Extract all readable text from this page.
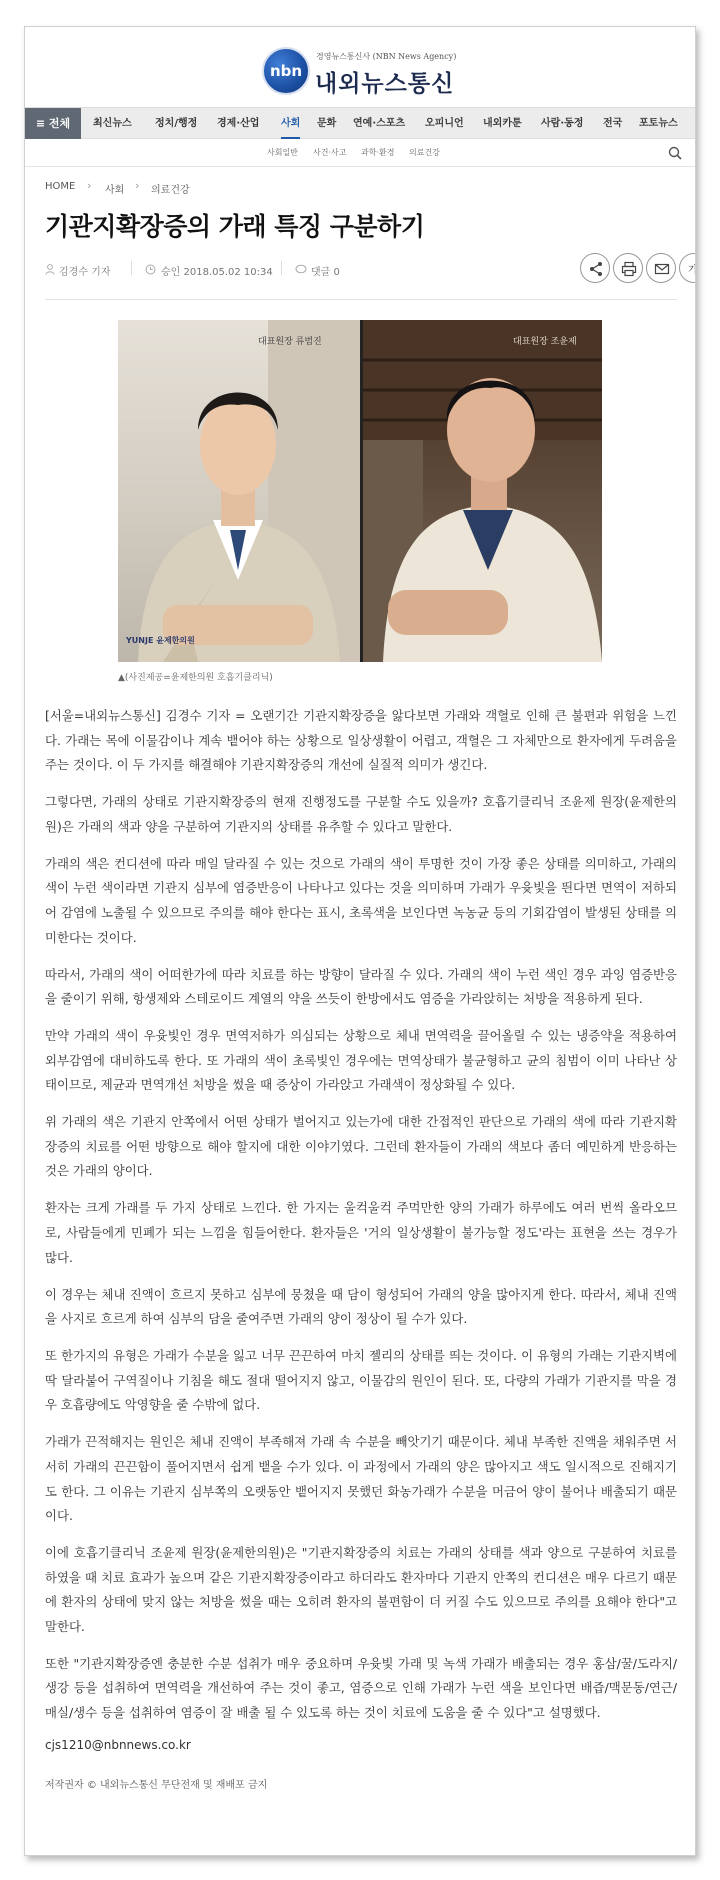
nbn
경영뉴스통신사 (NBN News Agency)
내외뉴스통신
≡ 전체	최신뉴스 정치/행정 경제·산업 사회 문화 연예·스포츠 오피니언 내외카툰 사람·동정 전국 포토뉴스
사회일반 사건·사고 과학·환경 의료건강
HOME › 사회 › 의료건강
기관지확장증의 가래 특징 구분하기
김경수 기자	승인 2018.05.02 10:34	댓글 0	가
대표원장 류범진
YUNJE 윤제한의원
대표원장 조윤제
▲(사진제공=윤제한의원 호흡기클리닉)

[서울=내외뉴스통신] 김경수 기자 = 오랜기간 기관지확장증을 앓다보면 가래와 객혈로 인해 큰 불편과 위험을 느낀다. 가래는 목에 이물감이나 계속 뱉어야 하는 상황으로 일상생활이 어렵고, 객혈은 그 자체만으로 환자에게 두려움을 주는 것이다. 이 두 가지를 해결해야 기관지확장증의 개선에 실질적 의미가 생긴다.

그렇다면, 가래의 상태로 기관지확장증의 현재 진행정도를 구분할 수도 있을까? 호흡기클리닉 조윤제 원장(윤제한의원)은 가래의 색과 양을 구분하여 기관지의 상태를 유추할 수 있다고 말한다.

가래의 색은 컨디션에 따라 매일 달라질 수 있는 것으로 가래의 색이 투명한 것이 가장 좋은 상태를 의미하고, 가래의 색이 누런 색이라면 기관지 심부에 염증반응이 나타나고 있다는 것을 의미하며 가래가 우윳빛을 띈다면 면역이 저하되어 감염에 노출될 수 있으므로 주의를 해야 한다는 표시, 초록색을 보인다면 녹농균 등의 기회감염이 발생된 상태를 의미한다는 것이다.

따라서, 가래의 색이 어떠한가에 따라 치료를 하는 방향이 달라질 수 있다. 가래의 색이 누런 색인 경우 과잉 염증반응을 줄이기 위해, 항생제와 스테로이드 계열의 약을 쓰듯이 한방에서도 염증을 가라앉히는 처방을 적용하게 된다.

만약 가래의 색이 우윳빛인 경우 면역저하가 의심되는 상황으로 체내 면역력을 끌어올릴 수 있는 냉증약을 적용하여 외부감염에 대비하도록 한다. 또 가래의 색이 초록빛인 경우에는 면역상태가 불균형하고 균의 침범이 이미 나타난 상태이므로, 제균과 면역개선 처방을 썼을 때 증상이 가라앉고 가래색이 정상화될 수 있다.

위 가래의 색은 기관지 안쪽에서 어떤 상태가 벌어지고 있는가에 대한 간접적인 판단으로 가래의 색에 따라 기관지확장증의 치료를 어떤 방향으로 해야 할지에 대한 이야기였다. 그런데 환자들이 가래의 색보다 좀더 예민하게 반응하는 것은 가래의 양이다.

환자는 크게 가래를 두 가지 상태로 느낀다. 한 가지는 울컥울컥 주먹만한 양의 가래가 하루에도 여러 번씩 올라오므로, 사람들에게 민폐가 되는 느낌을 힘들어한다. 환자들은 '거의 일상생활이 불가능할 정도'라는 표현을 쓰는 경우가 많다.

이 경우는 체내 진액이 흐르지 못하고 심부에 뭉쳤을 때 담이 형성되어 가래의 양을 많아지게 한다. 따라서, 체내 진액을 사지로 흐르게 하여 심부의 담을 줄여주면 가래의 양이 정상이 될 수가 있다.

또 한가지의 유형은 가래가 수분을 잃고 너무 끈끈하여 마치 젤리의 상태를 띄는 것이다. 이 유형의 가래는 기관지벽에 딱 달라붙어 구역질이나 기침을 해도 절대 떨어지지 않고, 이물감의 원인이 된다. 또, 다량의 가래가 기관지를 막을 경우 호흡량에도 악영향을 줄 수밖에 없다.

가래가 끈적해지는 원인은 체내 진액이 부족해져 가래 속 수분을 빼앗기기 때문이다. 체내 부족한 진액을 채워주면 서서히 가래의 끈끈함이 풀어지면서 쉽게 뱉을 수가 있다. 이 과정에서 가래의 양은 많아지고 색도 일시적으로 진해지기도 한다. 그 이유는 기관지 심부쪽의 오랫동안 뱉어지지 못했던 화농가래가 수분을 머금어 양이 불어나 배출되기 때문이다.

이에 호흡기클리닉 조윤제 원장(윤제한의원)은 "기관지확장증의 치료는 가래의 상태를 색과 양으로 구분하여 치료를 하였을 때 치료 효과가 높으며 같은 기관지확장증이라고 하더라도 환자마다 기관지 안쪽의 컨디션은 매우 다르기 때문에 환자의 상태에 맞지 않는 처방을 썼을 때는 오히려 환자의 불편함이 더 커질 수도 있으므로 주의를 요해야 한다"고 말한다.

또한 "기관지확장증엔 충분한 수분 섭취가 매우 중요하며 우윳빛 가래 및 녹색 가래가 배출되는 경우 홍삼/꿀/도라지/생강 등을 섭취하여 면역력을 개선하여 주는 것이 좋고, 염증으로 인해 가래가 누런 색을 보인다면 배즙/맥문동/연근/매실/생수 등을 섭취하여 염증이 잘 배출 될 수 있도록 하는 것이 치료에 도움을 줄 수 있다"고 설명했다.

cjs1210@nbnnews.co.kr
저작권자 © 내외뉴스통신 무단전재 및 재배포 금지
